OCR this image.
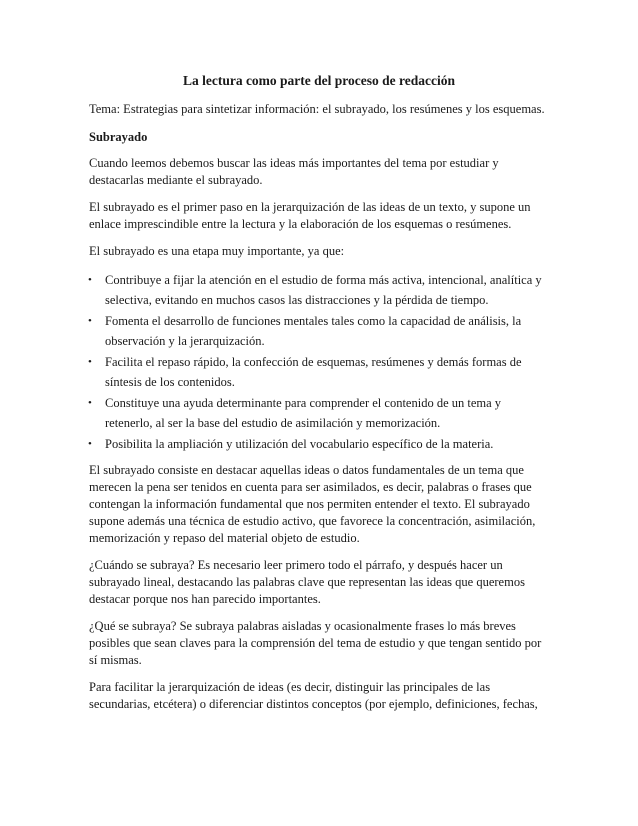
La lectura como parte del proceso de redacción
Tema: Estrategias para sintetizar información: el subrayado, los resúmenes y los esquemas.
Subrayado

Cuando leemos debemos buscar las ideas más importantes del tema por estudiar y destacarlas mediante el subrayado.

El subrayado es el primer paso en la jerarquización de las ideas de un texto, y supone un enlace imprescindible entre la lectura y la elaboración de los esquemas o resúmenes.

El subrayado es una etapa muy importante, ya que:

• Contribuye a fijar la atención en el estudio de forma más activa, intencional, analítica y selectiva, evitando en muchos casos las distracciones y la pérdida de tiempo.
• Fomenta el desarrollo de funciones mentales tales como la capacidad de análisis, la observación y la jerarquización.
• Facilita el repaso rápido, la confección de esquemas, resúmenes y demás formas de síntesis de los contenidos.
• Constituye una ayuda determinante para comprender el contenido de un tema y retenerlo, al ser la base del estudio de asimilación y memorización.
• Posibilita la ampliación y utilización del vocabulario específico de la materia.

El subrayado consiste en destacar aquellas ideas o datos fundamentales de un tema que merecen la pena ser tenidos en cuenta para ser asimilados, es decir, palabras o frases que contengan la información fundamental que nos permiten entender el texto. El subrayado supone además una técnica de estudio activo, que favorece la concentración, asimilación, memorización y repaso del material objeto de estudio.

¿Cuándo se subraya? Es necesario leer primero todo el párrafo, y después hacer un subrayado lineal, destacando las palabras clave que representan las ideas que queremos destacar porque nos han parecido importantes.

¿Qué se subraya? Se subraya palabras aisladas y ocasionalmente frases lo más breves posibles que sean claves para la comprensión del tema de estudio y que tengan sentido por sí mismas.

Para facilitar la jerarquización de ideas (es decir, distinguir las principales de las secundarias, etcétera) o diferenciar distintos conceptos (por ejemplo, definiciones, fechas,
